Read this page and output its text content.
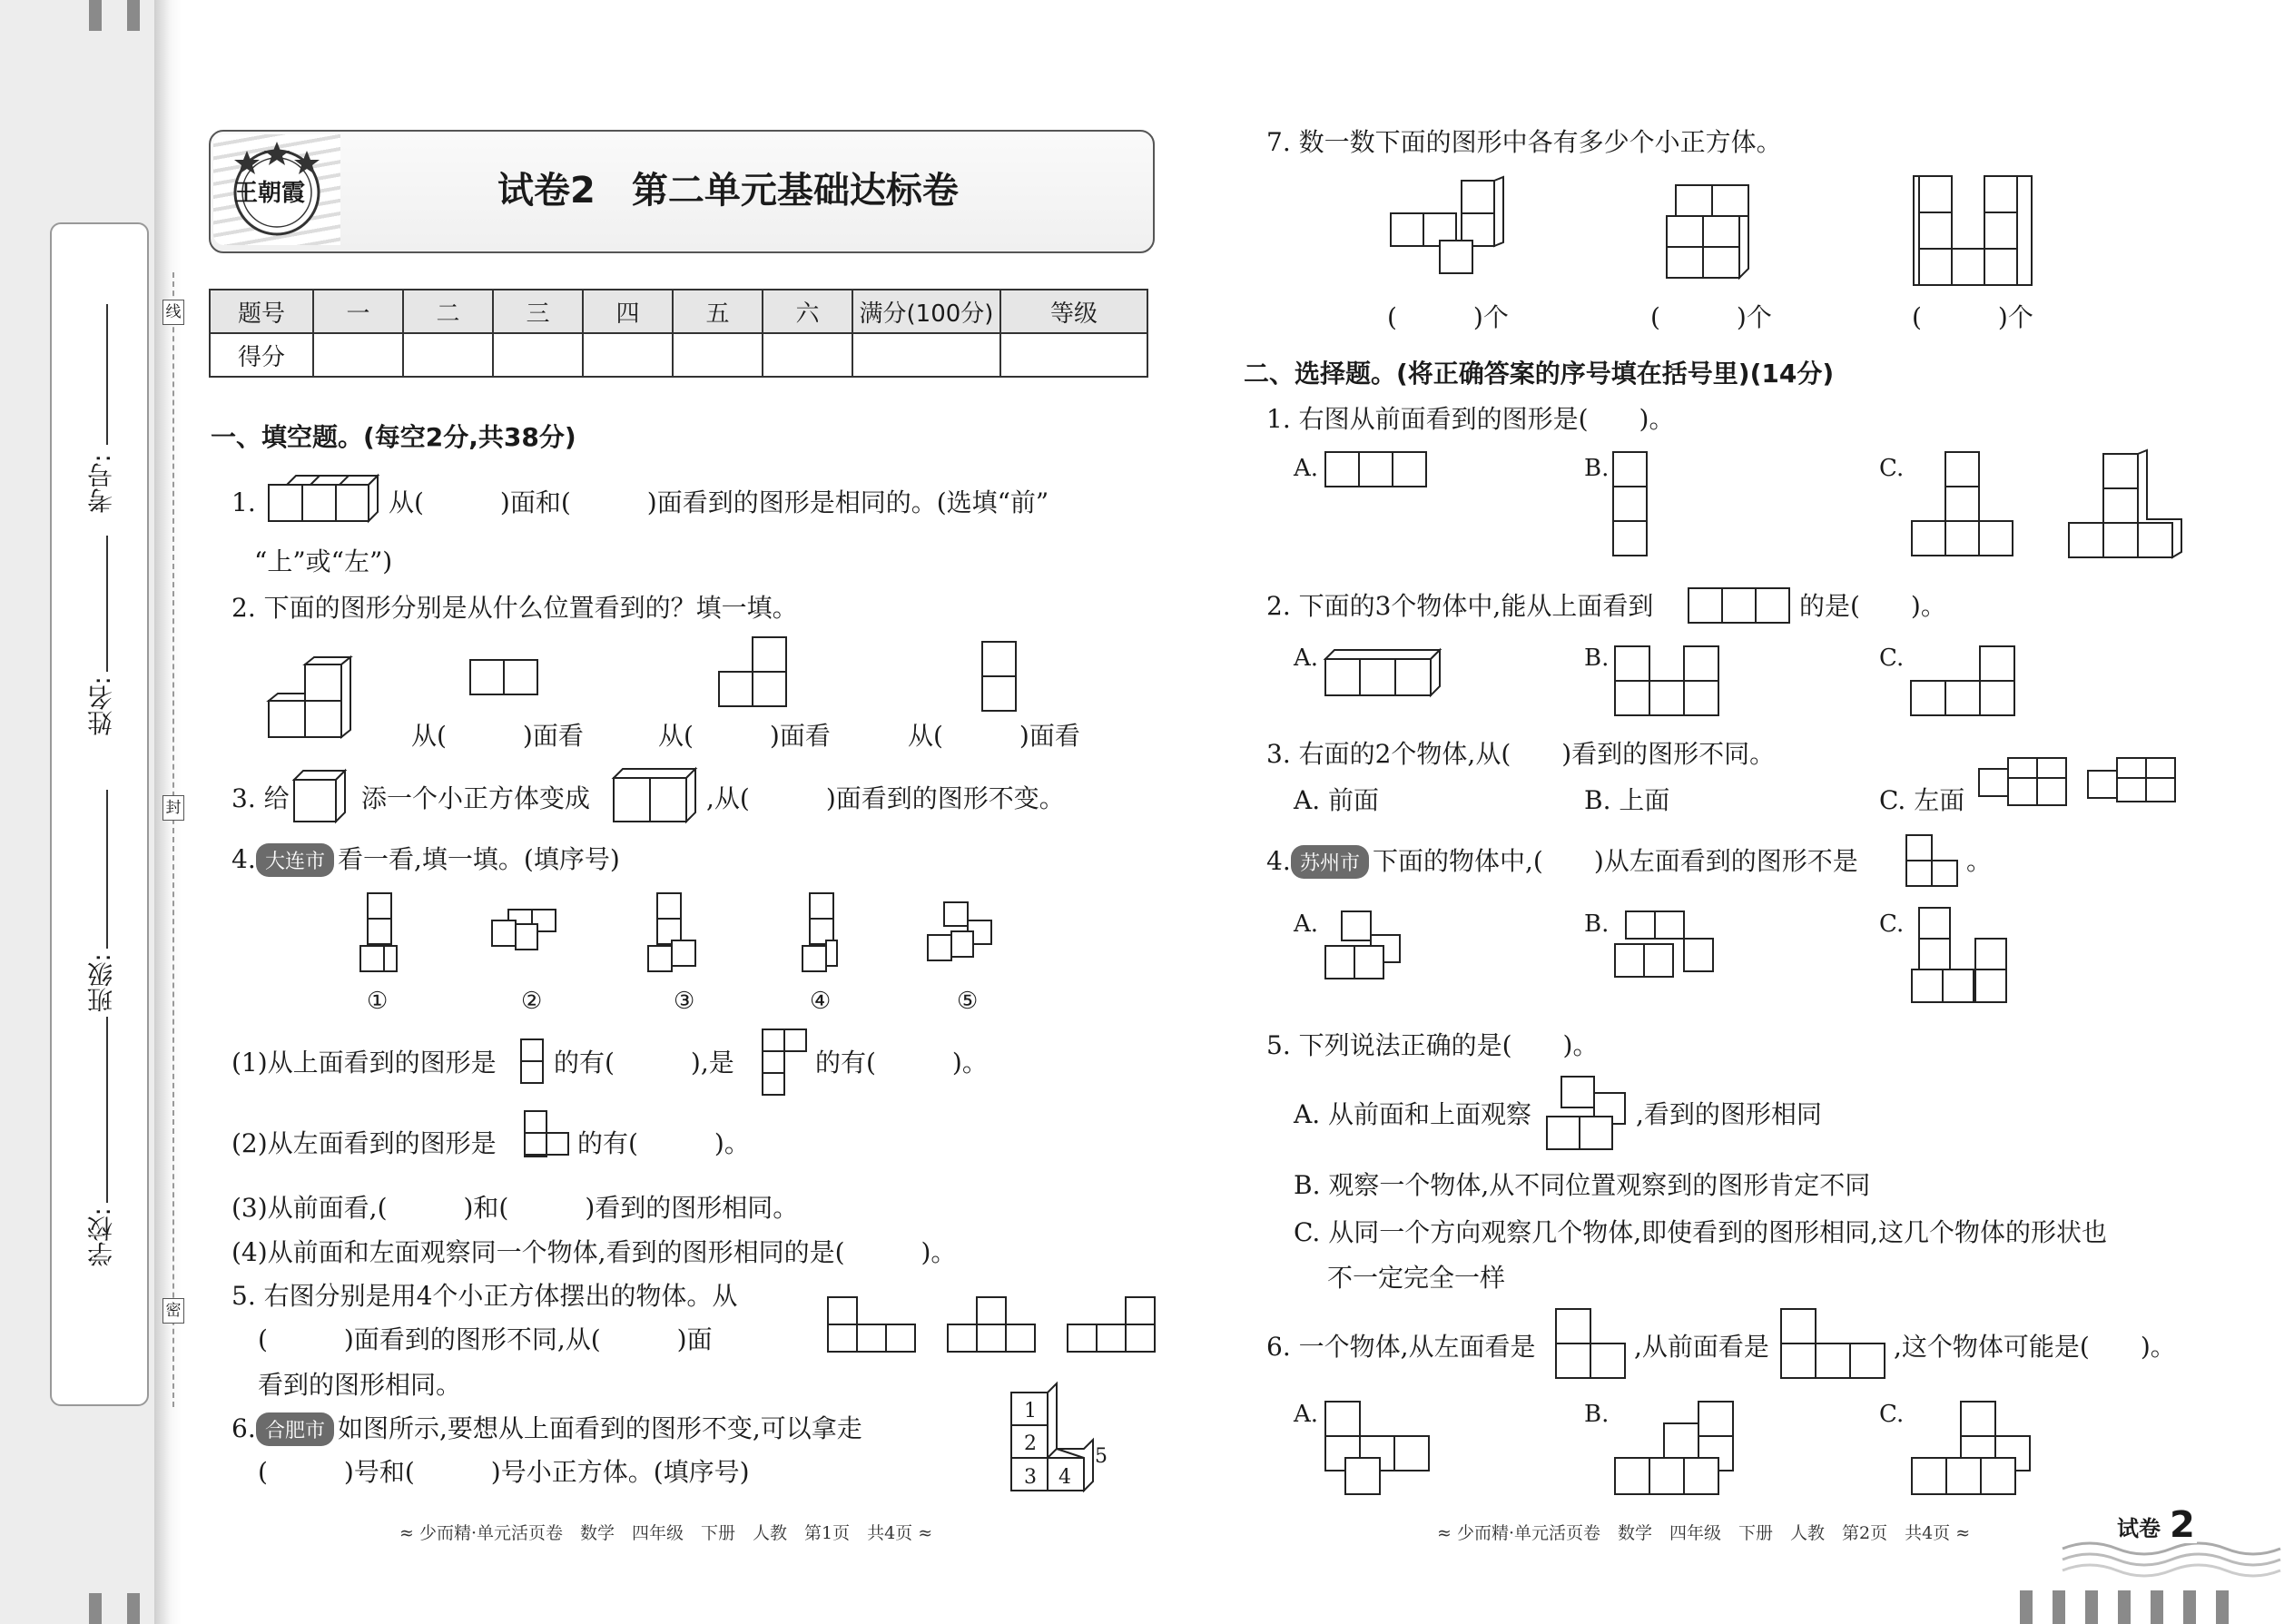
考号:
姓名:
班级:
学校:
线
封
密
王朝霞	试卷2　第二单元基础达标卷
题号	一	二	三	四	五	六	满分(100分)	等级
得分								
一、填空题。(每空2分,共38分)
1.	从(　　　)面和(　　　)面看到的图形是相同的。(选填“前”
“上”或“左”)
2. 下面的图形分别是从什么位置看到的？填一填。
从(　　　)面看	从(　　　)面看	从(　　　)面看
3. 给	添一个小正方体变成	,从(　　　)面看到的图形不变。
4. 大连市 看一看,填一填。(填序号)
①	②	③	④	⑤
(1)从上面看到的图形是 的有(　　　),是	的有(　　　)。
(2)从左面看到的图形是	的有(　　　)。
(3)从前面看,(　　　)和(　　　)看到的图形相同。
(4)从前面和左面观察同一个物体,看到的图形相同的是(　　　)。
5. 右图分别是用4个小正方体摆出的物体。从
(　　　)面看到的图形不同,从(　　　)面
看到的图形相同。
6. 合肥市 如图所示,要想从上面看到的图形不变,可以拿走
(　　　)号和(　　　)号小正方体。(填序号)
1
2
3 4
5
≈ 少而精·单元活页卷　数学　四年级　下册　人教　第1页　共4页 ≈
7. 数一数下面的图形中各有多少个小正方体。
(　　　)个	(　　　)个	(　　　)个
二、选择题。(将正确答案的序号填在括号里)(14分)
1. 右图从前面看到的图形是(　　)。
A.	B.	C.
2. 下面的3个物体中,能从上面看到	的是(　　)。
A.	B.	C.
3. 右面的2个物体,从(　　)看到的图形不同。
A. 前面	B. 上面	C. 左面
4. 苏州市 下面的物体中,(　　)从左面看到的图形不是	。
A.	B.	C.
5. 下列说法正确的是(　　)。
A. 从前面和上面观察	,看到的图形相同
B. 观察一个物体,从不同位置观察到的图形肯定不同
C. 从同一个方向观察几个物体,即使看到的图形相同,这几个物体的形状也
不一定完全一样
6. 一个物体,从左面看是	,从前面看是	,这个物体可能是(　　)。
A.	B.	C.
≈ 少而精·单元活页卷　数学　四年级　下册　人教　第2页　共4页 ≈	试卷 2
